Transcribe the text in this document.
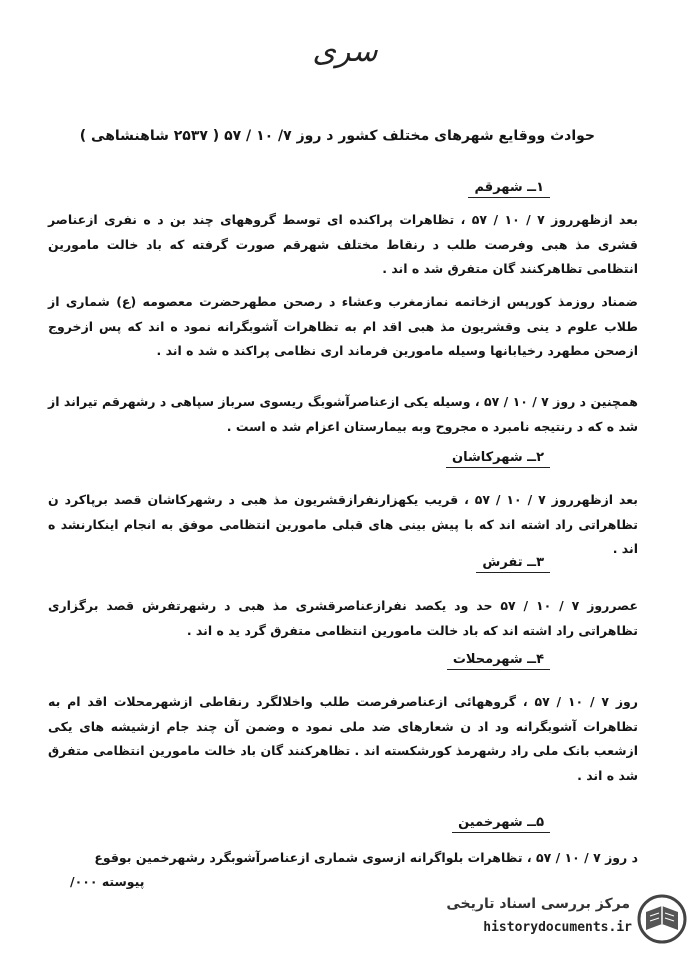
سری
حوادث ووقایع شهرهای مختلف کشور د روز ۷/ ۱۰ / ۵۷ ( ۲۵۳۷ شاهنشاهی )
۱ــ شهرقم

بعد ازظهرروز ۷ / ۱۰ / ۵۷ ، تظاهرات پراکنده ای توسط گروههای چند بن د ه نفری ازعناصر قشری مذ هبی وفرصت طلب د رنقاط مختلف شهرقم صورت گرفته که باد خالت مامورین انتظامی تظاهرکنند گان متفرق شد ه اند .

ضمناد روزمذ کورپس ازخاتمه نمازمغرب وعشاء د رصحن مطهرحضرت معصومه (ع) شماری از طلاب علوم د ینی وقشریون مذ هبی اقد ام به تظاهرات آشوبگرانه نمود ه اند که پس ازخروج ازصحن مطهرد رخیابانها وسیله مامورین فرماند اری نظامی پراکند ه شد ه اند .

همچنین د روز ۷ / ۱۰ / ۵۷ ، وسیله یکی ازعناصرآشوبگ ریسوی سرباز سپاهی د رشهرقم تیراند از شد ه که د رنتیجه نامبرد ه مجروح وبه بیمارستان اعزام شد ه است .

۲ــ شهرکاشان

بعد ازظهرروز ۷ / ۱۰ / ۵۷ ، قریب یکهزارنفرازقشریون مذ هبی د رشهرکاشان قصد برپاکرد ن تظاهراتی راد اشته اند که با پیش بینی های قبلی مامورین انتظامی موفق به انجام اینکارنشد ه اند .

۳ــ تفرش

عصرروز ۷ / ۱۰ / ۵۷ حد ود یکصد نفرازعناصرقشری مذ هبی د رشهرتفرش قصد برگزاری تظاهراتی راد اشته اند که باد خالت مامورین انتظامی متفرق گرد ید ه اند .

۴ــ شهرمحلات

روز ۷ / ۱۰ / ۵۷ ، گروههائی ازعناصرفرصت طلب واخلالگرد رنقاطی ازشهرمحلات اقد ام به تظاهرات آشوبگرانه ود اد ن شعارهای ضد ملی نمود ه وضمن آن چند جام ازشیشه های یکی ازشعب بانک ملی راد رشهرمذ کورشکسته اند . تظاهرکنند گان باد خالت مامورین انتظامی متفرق شد ه اند .

۵ــ شهرخمین

د روز ۷ / ۱۰ / ۵۷ ، تظاهرات بلواگرانه ازسوی شماری ازعناصرآشوبگرد رشهرخمین بوقوع

پیوسته ۰۰۰/
مرکز بررسی اسناد تاریخی
historydocuments.ir
